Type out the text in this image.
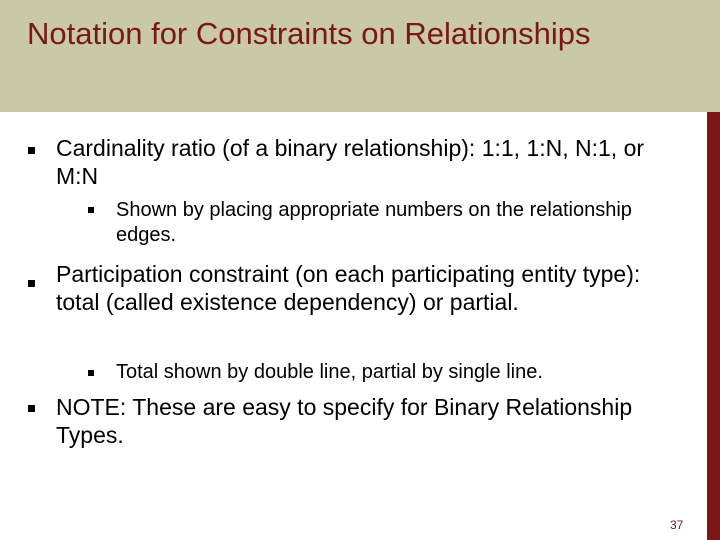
Notation for Constraints on Relationships

Cardinality ratio (of a binary relationship): 1:1, 1:N, N:1, or M:N

Shown by placing appropriate numbers on the relationship edges.

Participation constraint (on each participating entity type): total (called existence dependency) or partial.

Total shown by double line, partial by single line.

NOTE: These are easy to specify for Binary Relationship Types.

37
